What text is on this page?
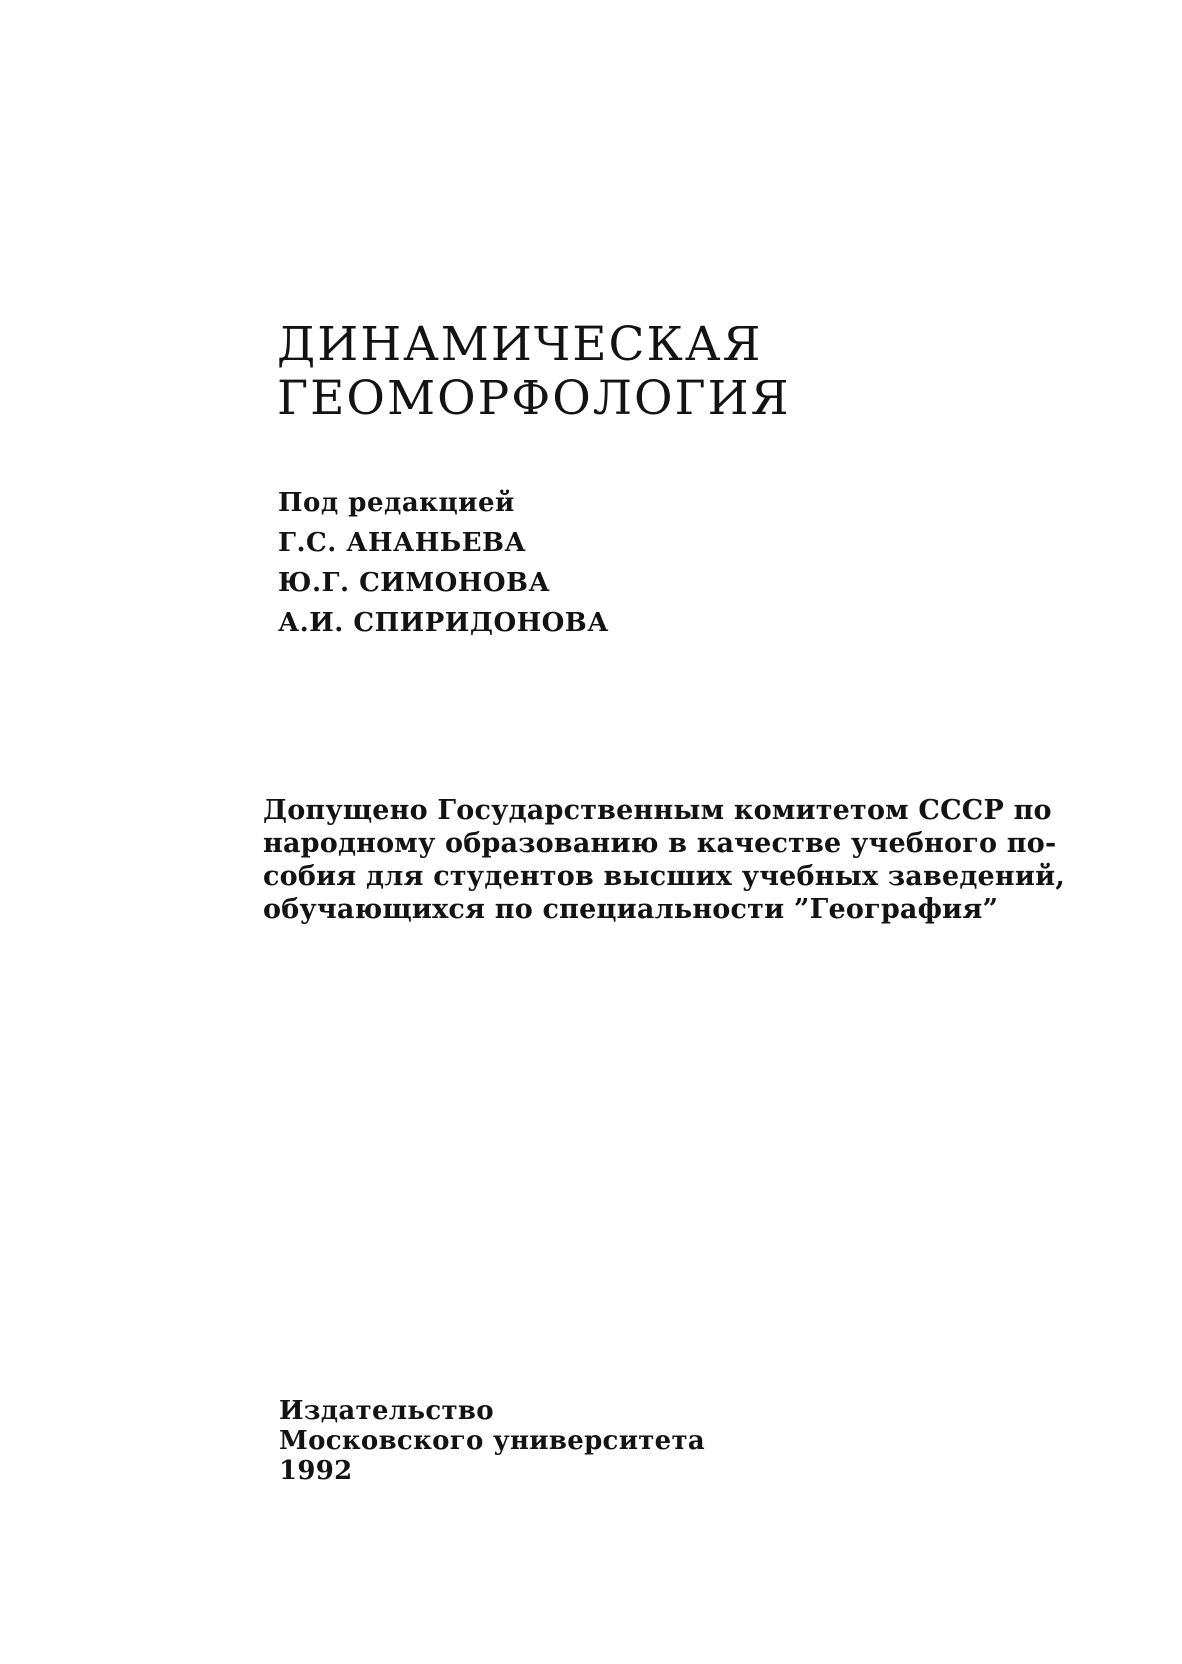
ДИНАМИЧЕСКАЯ
ГЕОМОРФОЛОГИЯ
Под редакцией
Г.С. АНАНЬЕВА
Ю.Г. СИМОНОВА
А.И. СПИРИДОНОВА
Допущено Государственным комитетом СССР по
народному образованию в качестве учебного по-
собия для студентов высших учебных заведений,
обучающихся по специальности ”География”
Издательство
Московского университета
1992
